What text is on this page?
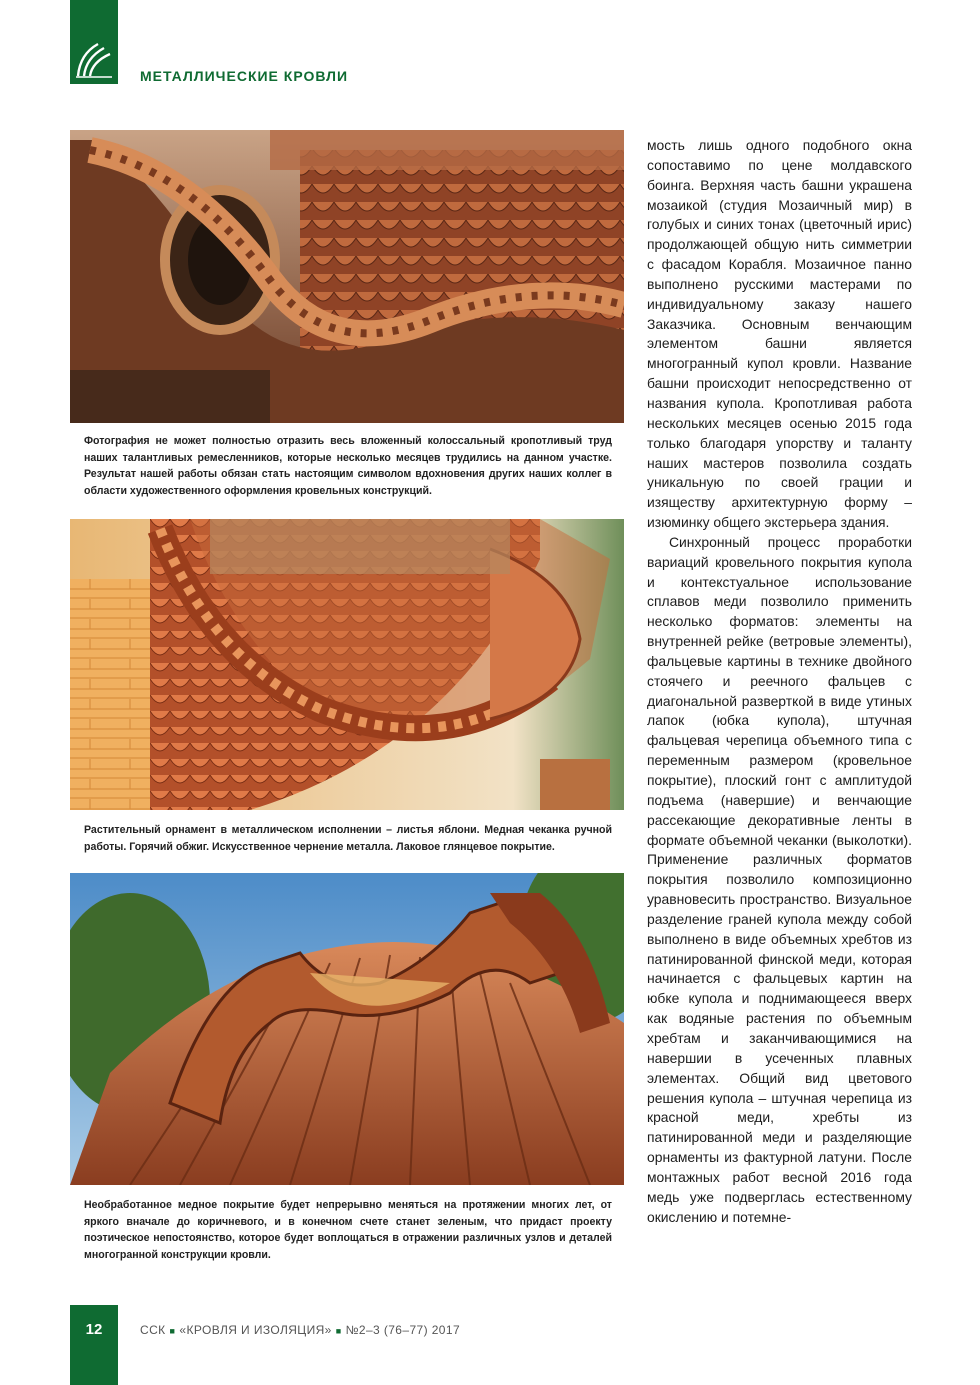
МЕТАЛЛИЧЕСКИЕ КРОВЛИ
Фотография не может полностью отразить весь вложенный колоссальный кропотливый труд наших талантливых ремесленников, которые несколько месяцев трудились на данном участке. Результат нашей работы обязан стать настоящим символом вдохновения других наших коллег в области художественного оформления кровельных конструкций.
Растительный орнамент в металлическом исполнении – листья яблони. Медная чеканка ручной работы. Горячий обжиг. Искусственное чернение металла. Лаковое глянцевое покрытие.
Необработанное медное покрытие будет непрерывно меняться на протяжении многих лет, от яркого вначале до коричневого, и в конечном счете станет зеленым, что придаст проекту поэтическое непостоянство, которое будет воплощаться в отражении различных узлов и деталей многогранной конструкции кровли.

мость лишь одного подобного окна сопоставимо по цене молдавского боинга. Верхняя часть башни украшена мозаикой (студия Мозаичный мир) в голубых и синих тонах (цветочный ирис) продолжающей общую нить симметрии с фасадом Корабля. Мозаичное панно выполнено русскими мастерами по индивидуальному заказу нашего Заказчика. Основным венчающим элементом башни является многогранный купол кровли. Название башни происходит непосредственно от названия купола. Кропотливая работа нескольких месяцев осенью 2015 года только благодаря упорству и таланту наших мастеров позволила создать уникальную по своей грации и изяществу архитектурную форму – изюминку общего экстерьера здания.

Синхронный процесс проработки вариаций кровельного покрытия купола и контекстуальное использование сплавов меди позволило применить несколько форматов: элементы на внутренней рейке (ветровые элементы), фальцевые картины в технике двойного стоячего и реечного фальцев с диагональной разверткой в виде утиных лапок (юбка купола), штучная фальцевая черепица объемного типа с переменным размером (кровельное покрытие), плоский гонт с амплитудой подъема (навершие) и венчающие рассекающие декоративные ленты в формате объемной чеканки (выколотки). Применение различных форматов покрытия позволило композиционно уравновесить пространство. Визуальное разделение граней купола между собой выполнено в виде объемных хребтов из патинированной финской меди, которая начинается с фальцевых картин на юбке купола и поднимающееся вверх как водяные растения по объемным хребтам и заканчивающимися на навершии в усеченных плавных элементах. Общий вид цветового решения купола – штучная черепица из красной меди, хребты из патинированной меди и разделяющие орнаменты из фактурной латуни. После монтажных работ весной 2016 года медь уже подверглась естественному окислению и потемне-

12	ССК ■ «КРОВЛЯ И ИЗОЛЯЦИЯ» ■ №2–3 (76–77) 2017
